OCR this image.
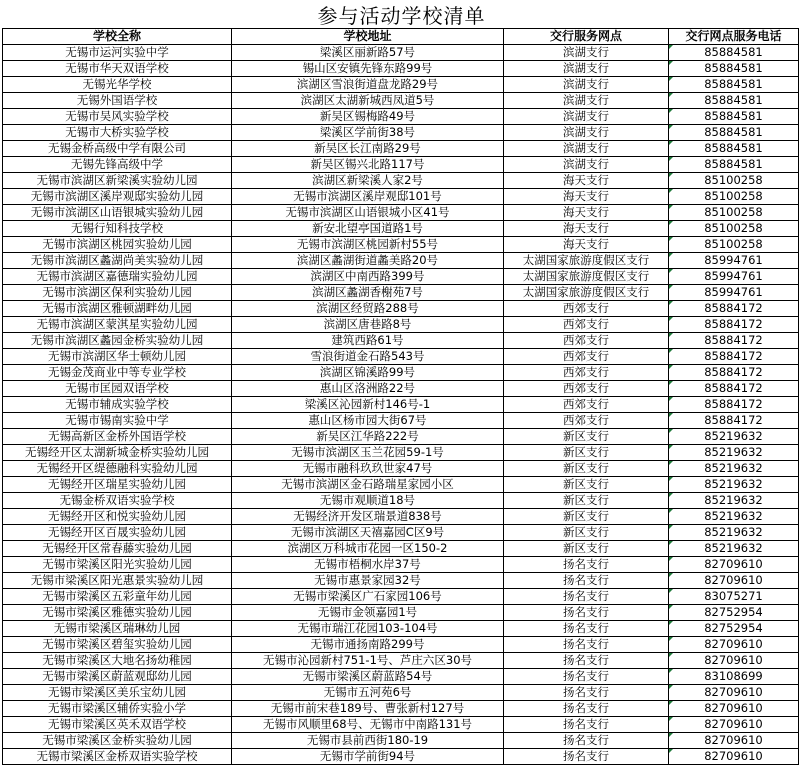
参与活动学校清单
学校全称	学校地址	交行服务网点	交行网点服务电话
无锡市运河实验中学	梁溪区丽新路57号	滨湖支行	85884581
无锡市华天双语学校	锡山区安镇先锋东路99号	滨湖支行	85884581
无锡光华学校	滨湖区雪浪街道盘龙路29号	滨湖支行	85884581
无锡外国语学校	滨湖区太湖新城西凤道5号	滨湖支行	85884581
无锡市吴风实验学校	新吴区锡梅路49号	滨湖支行	85884581
无锡市大桥实验学校	梁溪区学前街38号	滨湖支行	85884581
无锡金桥高级中学有限公司	新吴区长江南路29号	滨湖支行	85884581
无锡先锋高级中学	新吴区锡兴北路117号	滨湖支行	85884581
无锡市滨湖区新梁溪实验幼儿园	滨湖区新梁溪人家2号	海天支行	85100258
无锡市滨湖区溪岸观邸实验幼儿园	无锡市滨湖区溪岸观邸101号	海天支行	85100258
无锡市滨湖区山语银城实验幼儿园	无锡市滨湖区山语银城小区41号	海天支行	85100258
无锡行知科技学校	新安北望亭国道路1号	海天支行	85100258
无锡市滨湖区桃园实验幼儿园	无锡市滨湖区桃园新村55号	海天支行	85100258
无锡市滨湖区蠡湖尚美实验幼儿园	滨湖区蠡湖街道蠡美路20号	太湖国家旅游度假区支行	85994761
无锡市滨湖区嘉德瑞实验幼儿园	滨湖区中南西路399号	太湖国家旅游度假区支行	85994761
无锡市滨湖区保利实验幼儿园	滨湖区蠡湖香榭苑7号	太湖国家旅游度假区支行	85994761
无锡市滨湖区雅顿湖畔幼儿园	滨湖区经贸路288号	西郊支行	85884172
无锡市滨湖区蒙淇星实验幼儿园	滨湖区唐巷路8号	西郊支行	85884172
无锡市滨湖区蠡园金桥实验幼儿园	建筑西路61号	西郊支行	85884172
无锡市滨湖区华士顿幼儿园	雪浪街道金石路543号	西郊支行	85884172
无锡金茂商业中等专业学校	滨湖区锦溪路99号	西郊支行	85884172
无锡市匡园双语学校	惠山区洛洲路22号	西郊支行	85884172
无锡市辅成实验学校	梁溪区沁园新村146号-1	西郊支行	85884172
无锡市锡南实验中学	惠山区杨市园大街67号	西郊支行	85884172
无锡高新区金桥外国语学校	新吴区江华路222号	新区支行	85219632
无锡经开区太湖新城金桥实验幼儿园	无锡市滨湖区玉兰花园59-1号	新区支行	85219632
无锡经开区缇德融科实验幼儿园	无锡市融科玖玖世家47号	新区支行	85219632
无锡经开区瑞星实验幼儿园	无锡市滨湖区金石路瑞星家园小区	新区支行	85219632
无锡金桥双语实验学校	无锡市观顺道18号	新区支行	85219632
无锡经开区和悦实验幼儿园	无锡经济开发区瑞景道838号	新区支行	85219632
无锡经开区百晟实验幼儿园	无锡市滨湖区天禧嘉园C区9号	新区支行	85219632
无锡经开区常春藤实验幼儿园	滨湖区万科城市花园一区150-2	新区支行	85219632
无锡市梁溪区阳光实验幼儿园	无锡市梧桐水岸37号	扬名支行	82709610
无锡市梁溪区阳光惠景实验幼儿园	无锡市惠景家园32号	扬名支行	82709610
无锡市梁溪区五彩童年幼儿园	无锡市梁溪区广石家园106号	扬名支行	83075271
无锡市梁溪区雅德实验幼儿园	无锡市金领嘉园1号	扬名支行	82752954
无锡市梁溪区瑞琳幼儿园	无锡市瑞江花园103-104号	扬名支行	82752954
无锡市梁溪区碧玺实验幼儿园	无锡市通扬南路299号	扬名支行	82709610
无锡市梁溪区大地名扬幼稚园	无锡市沁园新村751-1号、芦庄六区30号	扬名支行	82709610
无锡市梁溪区蔚蓝观邸幼儿园	无锡市梁溪区蔚蓝路54号	扬名支行	83108699
无锡市梁溪区美乐宝幼儿园	无锡市五河苑6号	扬名支行	82709610
无锡市梁溪区辅侨实验小学	无锡市前宋巷189号、曹张新村127号	扬名支行	82709610
无锡市梁溪区英禾双语学校	无锡市风顺里68号、无锡市中南路131号	扬名支行	82709610
无锡市梁溪区金桥实验幼儿园	无锡市县前西街180-19	扬名支行	82709610
无锡市梁溪区金桥双语实验学校	无锡市学前街94号	扬名支行	82709610
